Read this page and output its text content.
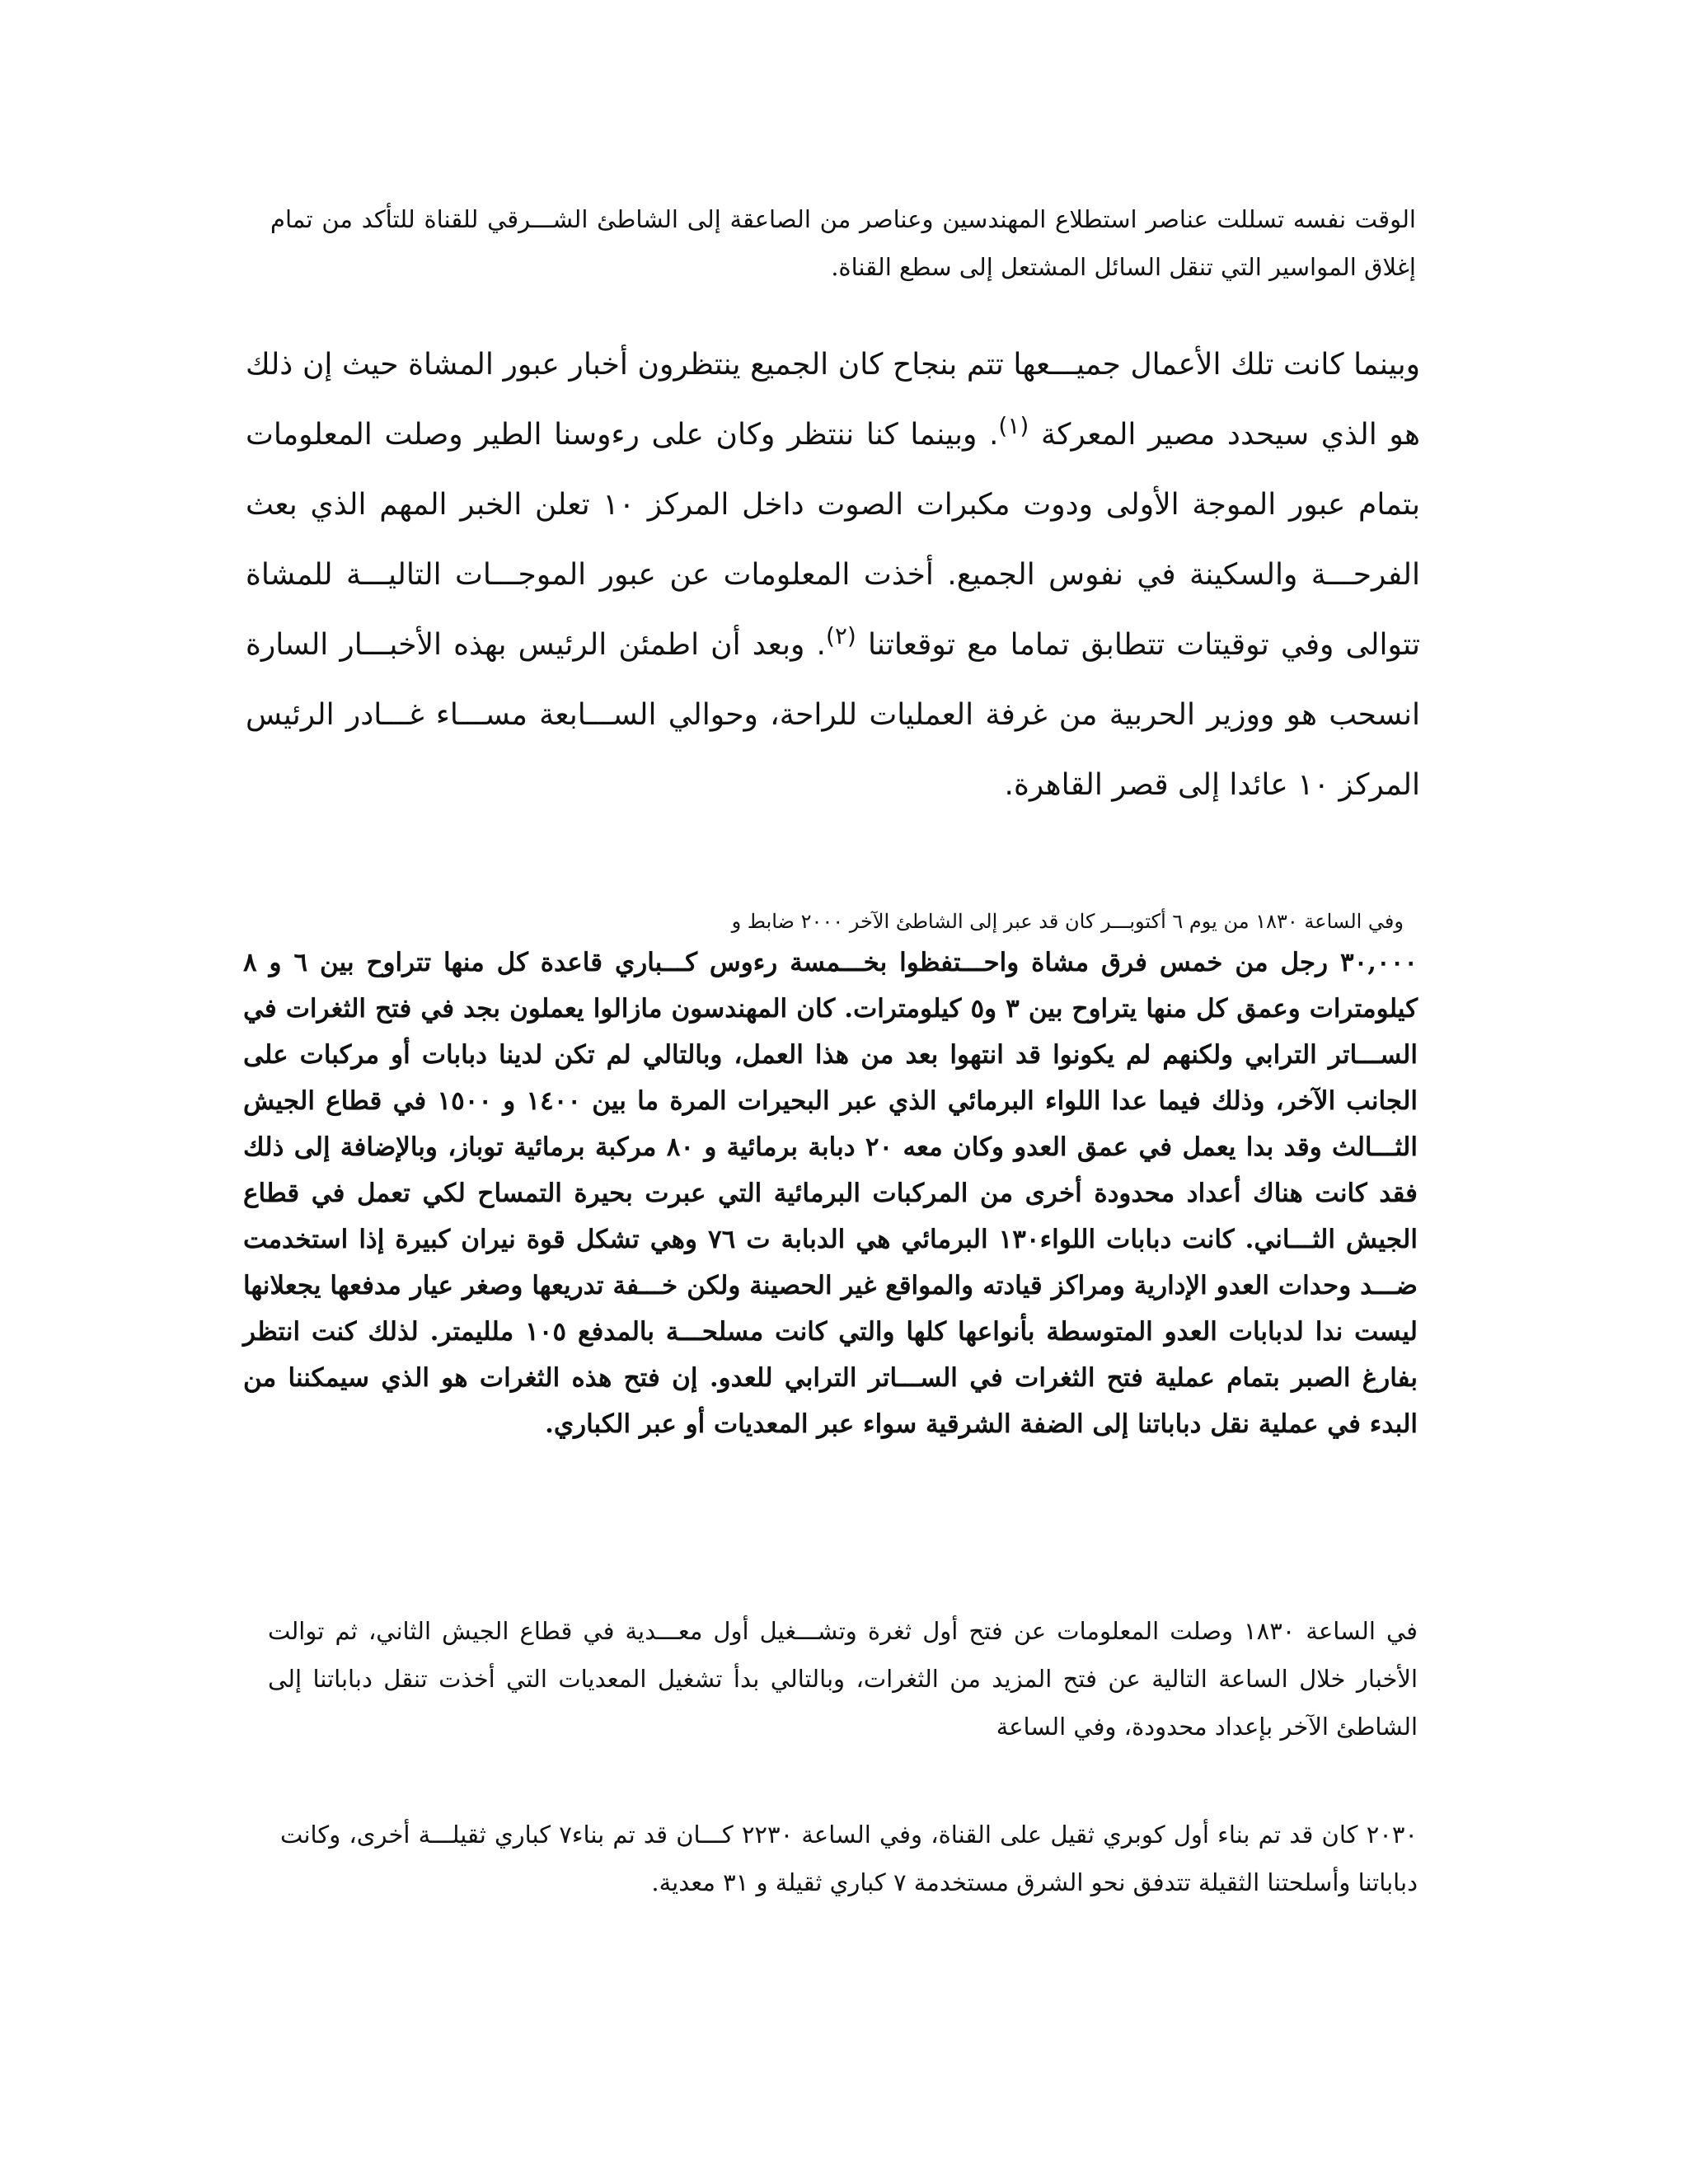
الوقت نفسه تسللت عناصر استطلاع المهندسين وعناصر من الصاعقة إلى الشاطئ الشـــرقي للقناة للتأكد من تمام إغلاق المواسير التي تنقل السائل المشتعل إلى سطع القناة.

وبينما كانت تلك الأعمال جميـــعها تتم بنجاح كان الجميع ينتظرون أخبار عبور المشاة حيث إن ذلك هو الذي سيحدد مصير المعركة $^{(١)}$. وبينما كنا ننتظر وكان على رءوسنا الطير وصلت المعلومات بتمام عبور الموجة الأولى ودوت مكبرات الصوت داخل المركز ١٠ تعلن الخبر المهم الذي بعث الفرحـــة والسكينة في نفوس الجميع. أخذت المعلومات عن عبور الموجـــات التاليـــة للمشاة تتوالى وفي توقيتات تتطابق تماما مع توقعاتنا $^{(٢)}$. وبعد أن اطمئن الرئيس بهذه الأخبـــار السارة انسحب هو ووزير الحربية من غرفة العمليات للراحة، وحوالي الســـابعة مســـاء غـــادر الرئيس المركز ١٠ عائدا إلى قصر القاهرة.

وفي الساعة ١٨٣٠ من يوم ٦ أكتوبـــر كان قد عبر إلى الشاطئ الآخر ٢٠٠٠ ضابط و

٣٠,٠٠٠ رجل من خمس فرق مشاة واحـــتفظوا بخـــمسة رءوس كـــباري قاعدة كل منها تتراوح بين ٦ و ٨ كيلومترات وعمق كل منها يتراوح بين ٣ و٥ كيلومترات. كان المهندسون مازالوا يعملون بجد في فتح الثغرات في الســـاتر الترابي ولكنهم لم يكونوا قد انتهوا بعد من هذا العمل، وبالتالي لم تكن لدينا دبابات أو مركبات على الجانب الآخر، وذلك فيما عدا اللواء البرمائي الذي عبر البحيرات المرة ما بين ١٤٠٠ و ١٥٠٠ في قطاع الجيش الثـــالث وقد بدا يعمل في عمق العدو وكان معه ٢٠ دبابة برمائية و ٨٠ مركبة برمائية توباز، وبالإضافة إلى ذلك فقد كانت هناك أعداد محدودة أخرى من المركبات البرمائية التي عبرت بحيرة التمساح لكي تعمل في قطاع الجيش الثـــاني. كانت دبابات اللواء١٣٠ البرمائي هي الدبابة ت ٧٦ وهي تشكل قوة نيران كبيرة إذا استخدمت ضـــد وحدات العدو الإدارية ومراكز قيادته والمواقع غير الحصينة ولكن خـــفة تدريعها وصغر عيار مدفعها يجعلانها ليست ندا لدبابات العدو المتوسطة بأنواعها كلها والتي كانت مسلحـــة بالمدفع ١٠٥ ملليمتر. لذلك كنت انتظر بفارغ الصبر بتمام عملية فتح الثغرات في الســـاتر الترابي للعدو. إن فتح هذه الثغرات هو الذي سيمكننا من البدء في عملية نقل دباباتنا إلى الضفة الشرقية سواء عبر المعديات أو عبر الكباري.

في الساعة ١٨٣٠ وصلت المعلومات عن فتح أول ثغرة وتشـــغيل أول معـــدية في قطاع الجيش الثاني، ثم توالت الأخبار خلال الساعة التالية عن فتح المزيد من الثغرات، وبالتالي بدأ تشغيل المعديات التي أخذت تنقل دباباتنا إلى الشاطئ الآخر بإعداد محدودة، وفي الساعة

٢٠٣٠ كان قد تم بناء أول كوبري ثقيل على القناة، وفي الساعة ٢٢٣٠ كـــان قد تم بناء٧ كباري ثقيلـــة أخرى، وكانت دباباتنا وأسلحتنا الثقيلة تتدفق نحو الشرق مستخدمة ٧ كباري ثقيلة و ٣١ معدية.
